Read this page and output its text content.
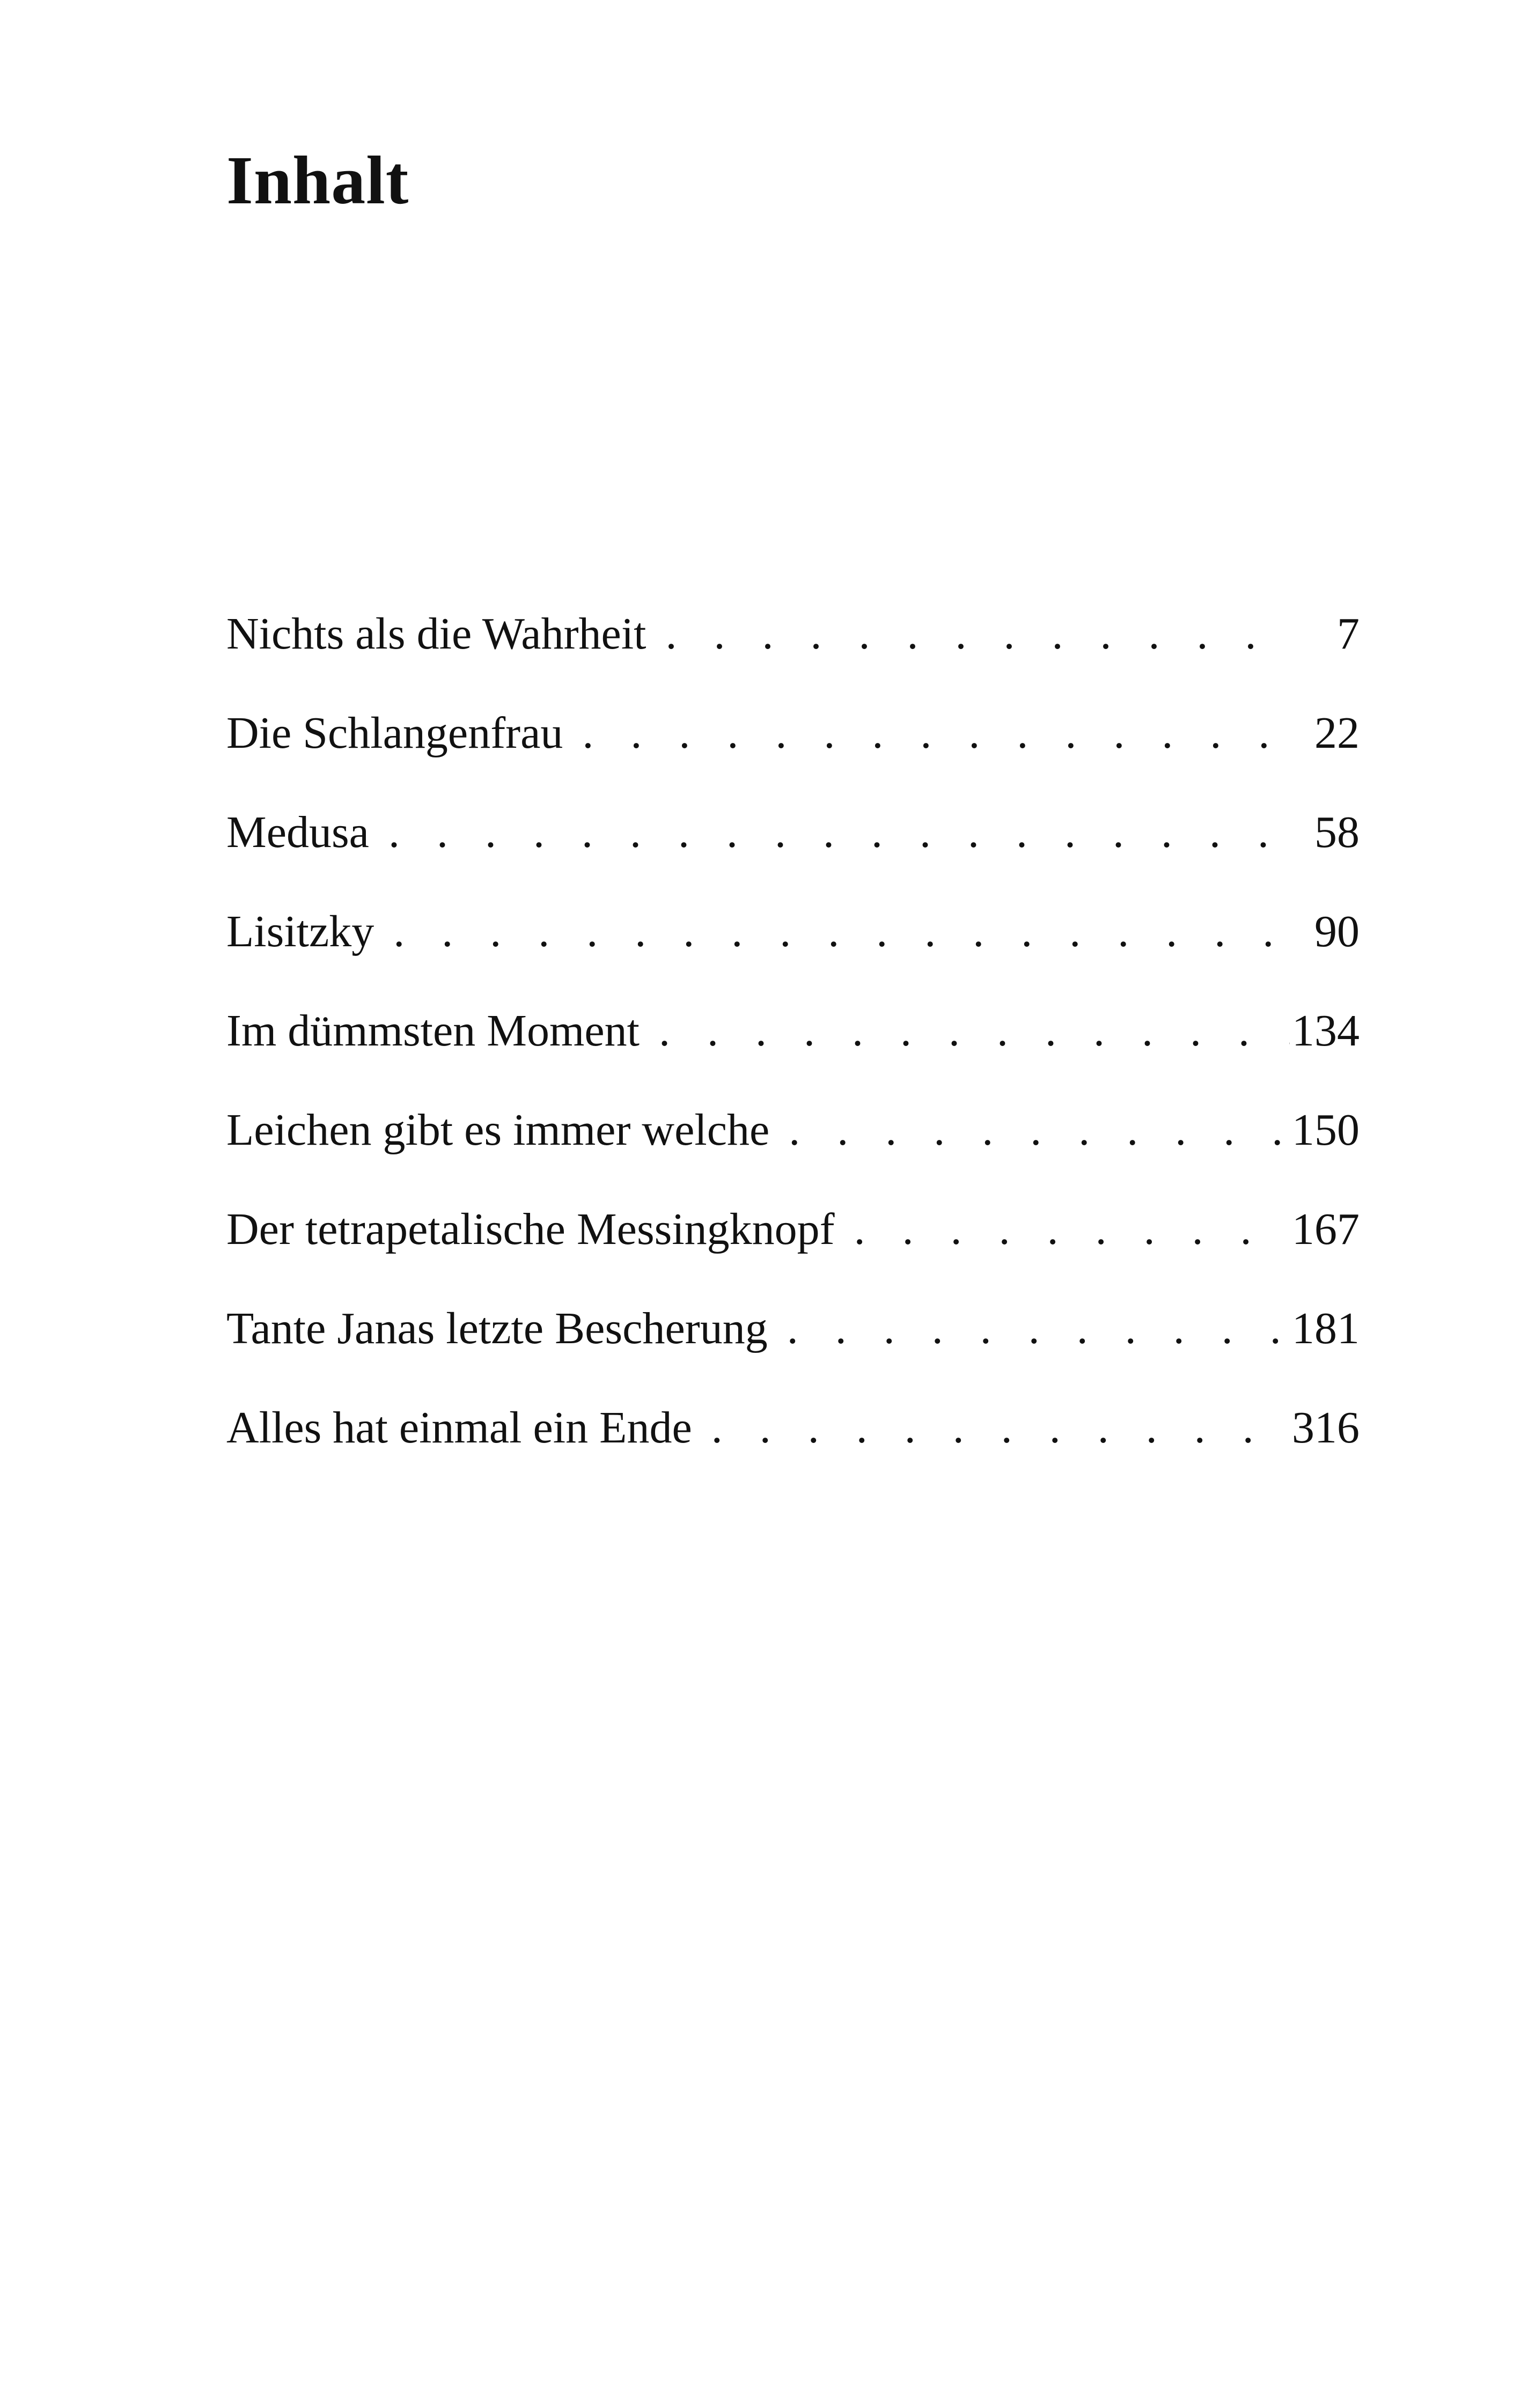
Inhalt
Nichts als die Wahrheit . . .	7
Die Schlangenfrau . . .	22
Medusa . . .	58
Lisitzky . . .	90
Im dümmsten Moment . . .	134
Leichen gibt es immer welche . . .	150
Der tetrapetalische Messingknopf . . .	167
Tante Janas letzte Bescherung . . .	181
Alles hat einmal ein Ende . . .	316
